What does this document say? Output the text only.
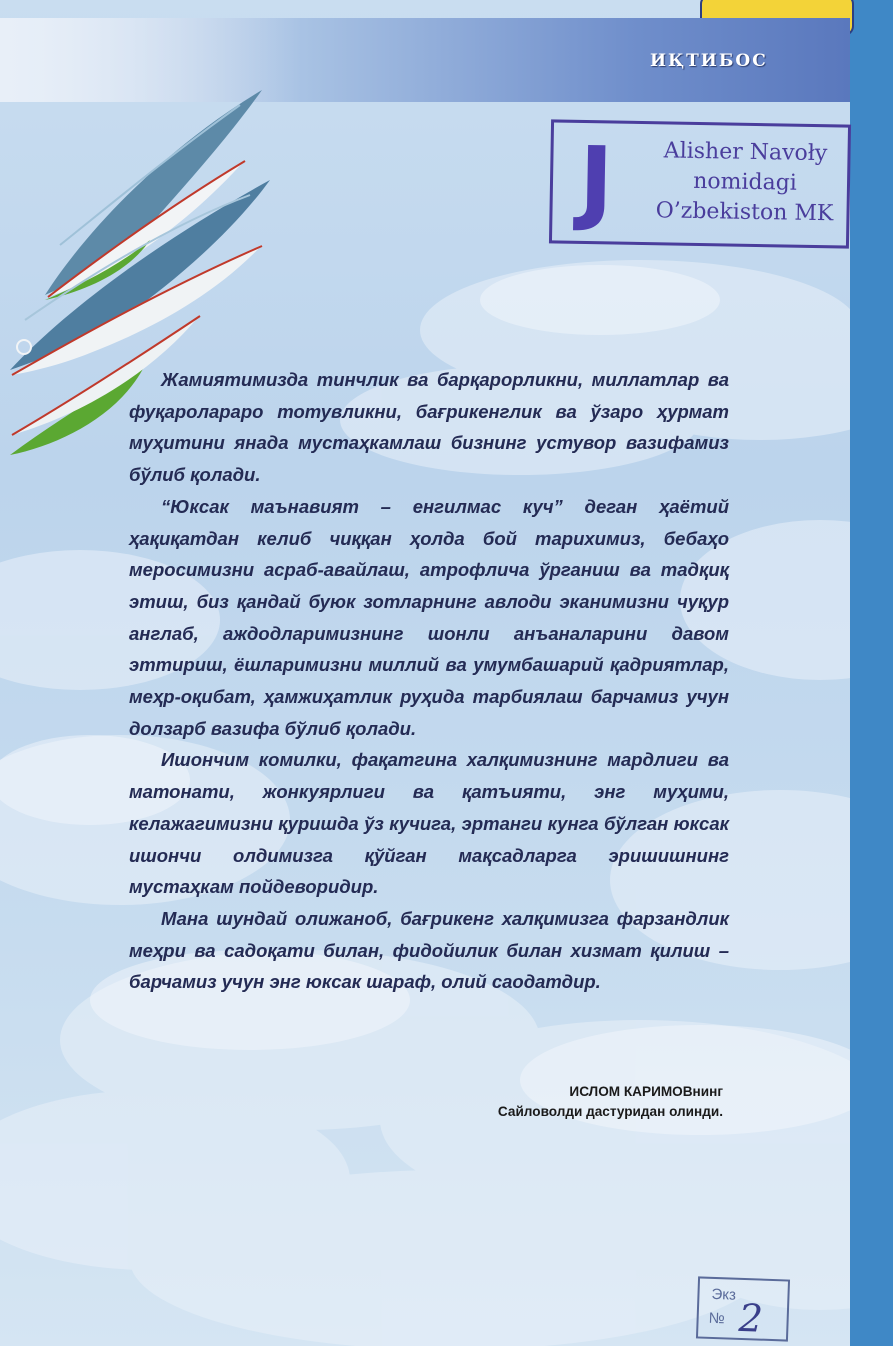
ИҚТИБОС
J	Alisher Navoły
nomidagi
O’zbekiston MK

Жамиятимизда тинчлик ва барқарорликни, миллатлар ва фуқаролараро тотувликни, бағрикенглик ва ўзаро ҳурмат муҳитини янада мустаҳкамлаш бизнинг устувор вазифамиз бўлиб қолади.

“Юксак маънавият – енгилмас куч” деган ҳаётий ҳақиқатдан келиб чиққан ҳолда бой тарихимиз, бебаҳо меросимизни асраб-авайлаш, атрофлича ўрганиш ва тадқиқ этиш, биз қандай буюк зотларнинг авлоди эканимизни чуқур англаб, аждодларимизнинг шонли анъаналарини давом эттириш, ёшларимизни миллий ва умумбашарий қадриятлар, меҳр-оқибат, ҳамжиҳатлик руҳида тарбиялаш барчамиз учун долзарб вазифа бўлиб қолади.

Ишончим комилки, фақатгина халқимизнинг мардлиги ва матонати, жонкуярлиги ва қатъияти, энг муҳими, келажагимизни қуришда ўз кучига, эртанги кунга бўлган юксак ишончи олдимизга қўйган мақсадларга эришишнинг мустаҳкам пойдеворидир.

Мана шундай олижаноб, бағрикенг халқимизга фарзандлик меҳри ва садоқати билан, фидойилик билан хизмат қилиш – барчамиз учун энг юксак шараф, олий саодатдир.

ИСЛОМ КАРИМОВнинг
Сайловолди дастуридан олинди.
Экз
№ 2
